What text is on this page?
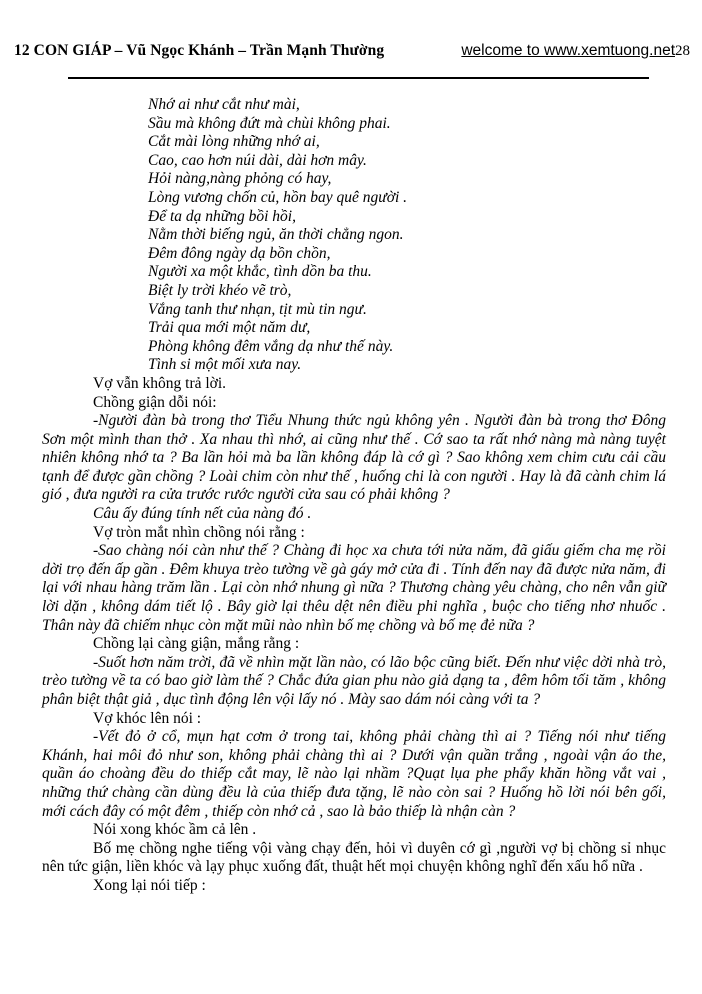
12 CON GIÁP – Vũ Ngọc Khánh – Trần Mạnh Thường	welcome to www.xemtuong.net 28
Nhớ ai như cắt như mài,
Sầu mà không đứt mà chùi không phai.
Cắt mài lòng những nhớ ai,
Cao, cao hơn núi dài, dài hơn mây.
Hỏi nàng,nàng phỏng có hay,
Lòng vương chốn củ, hồn bay quê người .
Để ta dạ những bồi hồi,
Nằm thời biếng ngủ, ăn thời chẳng ngon.
Đêm đông ngày dạ bồn chồn,
Người xa một khắc, tình dồn ba thu.
Biệt ly trời khéo vẽ trò,
Vắng tanh thư nhạn, tịt mù tin ngư.
Trải qua mới một năm dư,
Phòng không đêm vắng dạ như thế này.
Tình si một mối xưa nay.

Vợ vẫn không trả lời.

Chồng giận dỗi nói:

-Người đàn bà trong thơ Tiểu Nhung thức ngủ không yên . Người đàn bà trong thơ Đông Sơn một mình than thở . Xa nhau thì nhớ, ai cũng như thế . Cớ sao ta rất nhớ nàng mà nàng tuyệt nhiên không nhớ ta ? Ba lần hỏi mà ba lần không đáp là cớ gì ? Sao không xem chim cưu cải cầu tạnh để được gần chồng ? Loài chim còn như thế , huống chi là con người . Hay là đã cành chim lá gió , đưa người ra cửa trước rước người cửa sau có phải không ?

Câu ấy đúng tính nết của nàng đó .

Vợ tròn mắt nhìn chồng nói rằng :

-Sao chàng nói càn như thế ? Chàng đi học xa chưa tới nửa năm, đã giấu giếm cha mẹ rồi dời trọ đến ấp gần . Đêm khuya trèo tường về gà gáy mở cửa đi . Tính đến nay đã được nửa năm, đi lại với nhau hàng trăm lần . Lại còn nhớ nhung gì nữa ? Thương chàng yêu chàng, cho nên vẫn giữ lời dặn , không dám tiết lộ . Bây giờ lại thêu dệt nên điều phi nghĩa , buộc cho tiếng nhơ nhuốc . Thân này đã chiếm nhục còn mặt mũi nào nhìn bố mẹ chồng và bố mẹ đẻ nữa ?

Chồng lại càng giận, mắng rằng :

-Suốt hơn năm trời, đã về nhìn mặt lần nào, có lão bộc cũng biết. Đến như việc dời nhà trò, trèo tường về ta có bao giờ làm thế ? Chắc đứa gian phu nào giả dạng ta , đêm hôm tối tăm , không phân biệt thật giả , dục tình động lên vội lấy nó . Mày sao dám nói càng với ta ?

Vợ khóc lên nói :

-Vết đỏ ở cổ, mụn hạt cơm ở trong tai, không phải chàng thì ai ? Tiếng nói như tiếng Khánh, hai môi đỏ như son, không phải chàng thì ai ? Dưới vận quần trắng , ngoài vận áo the, quần áo choàng đều do thiếp cắt may, lẽ nào lại nhầm ?Quạt lụa phe phẩy khăn hồng vắt vai , những thứ chàng cần dùng đều là của thiếp đưa tặng, lẽ nào còn sai ? Huống hồ lời nói bên gối, mới cách đây có một đêm , thiếp còn nhớ cả , sao là bảo thiếp là nhận càn ?

Nói xong khóc ầm cả lên .

Bố mẹ chồng nghe tiếng vội vàng chạy đến, hỏi vì duyên cớ gì ,người vợ bị chồng sỉ nhục nên tức giận, liền khóc và lạy phục xuống đất, thuật hết mọi chuyện không nghĩ đến xấu hổ nữa .

Xong lại nói tiếp :
